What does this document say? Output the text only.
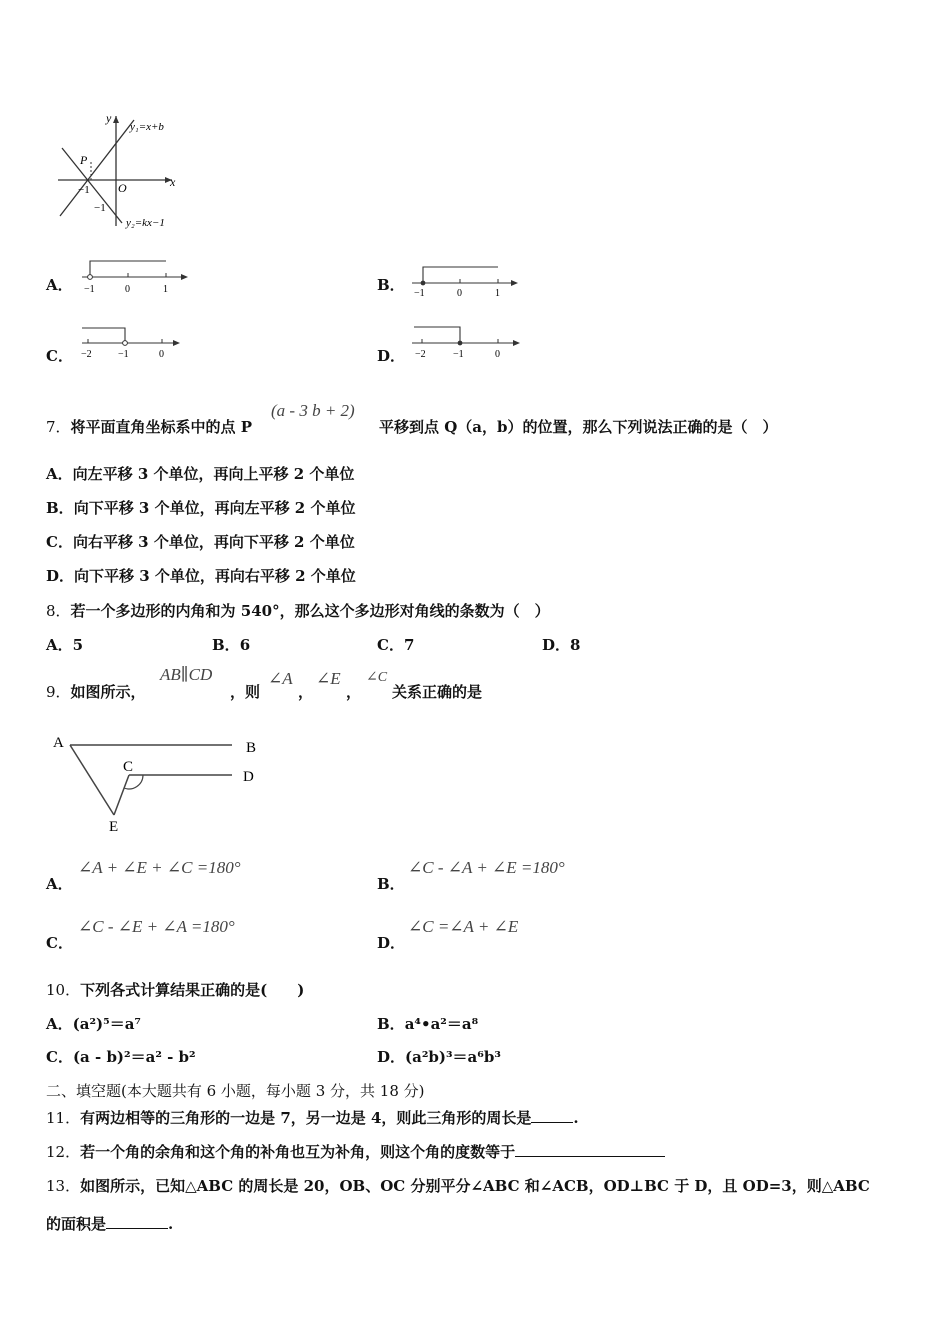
y
x
O
P
−1
−1
y₁=x+b
y₂=kx−1
A． −1	0	1	B． −1	0	1
C． −2	−1	0	D． −2	−1	0
7．将平面直角坐标系中的点 P
(a - 3 b + 2)
平移到点 Q（a，b）的位置，那么下列说法正确的是（　）
A．向左平移 3 个单位，再向上平移 2 个单位
B．向下平移 3 个单位，再向左平移 2 个单位
C．向右平移 3 个单位，再向下平移 2 个单位
D．向下平移 3 个单位，再向右平移 2 个单位
8．若一个多边形的内角和为 540°，那么这个多边形对角线的条数为（　）
A．5	B．6	C．7	D．8
9．如图所示，
AB∥CD
，则
∠A
，
∠E
，
∠C
关系正确的是
A	B
C
D
E
A．
∠A + ∠E + ∠C =180°
B．
∠C - ∠A + ∠E =180°
C．
∠C - ∠E + ∠A =180°
D．
∠C =∠A + ∠E
10．下列各式计算结果正确的是(　　)
A．(a²)⁵＝a⁷	B．a⁴•a²＝a⁸
C．(a - b)²＝a² - b²	D．(a²b)³＝a⁶b³
二、填空题(本大题共有 6 小题，每小题 3 分，共 18 分)
11．有两边相等的三角形的一边是 7，另一边是 4，则此三角形的周长是	.
12．若一个角的余角和这个角的补角也互为补角，则这个角的度数等于
13．如图所示，已知△ABC 的周长是 20，OB、OC 分别平分∠ABC 和∠ACB，OD⊥BC 于 D，且 OD=3，则△ABC
的面积是	.
